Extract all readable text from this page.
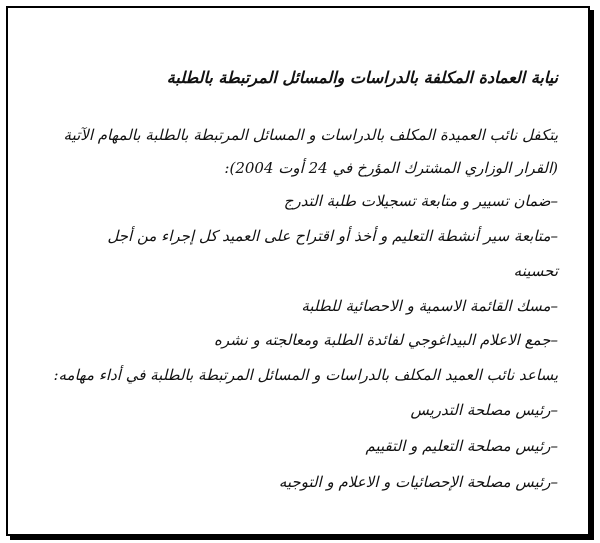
نيابة العمادة المكلفة بالدراسات والمسائل المرتبطة بالطلبة
يتكفل نائب العميدة المكلف بالدراسات و المسائل المرتبطة بالطلبة بالمهام الآتية
(القرار الوزاري المشترك المؤرخ في 24 أوت 2004):
–ضمان تسيير و متابعة تسجيلات طلبة التدرج
–متابعة سير أنشطة التعليم و أخذ أو اقتراح على العميد كل إجراء من أجل
تحسينه
–مسك القائمة الاسمية و الاحصائية للطلبة
–جمع الاعلام البيداغوجي لفائدة الطلبة ومعالجته و نشره
يساعد نائب العميد المكلف بالدراسات و المسائل المرتبطة بالطلبة في أداء مهامه:
–رئيس مصلحة التدريس
–رئيس مصلحة التعليم و التقييم
–رئيس مصلحة الإحصائيات و الاعلام و التوجيه
